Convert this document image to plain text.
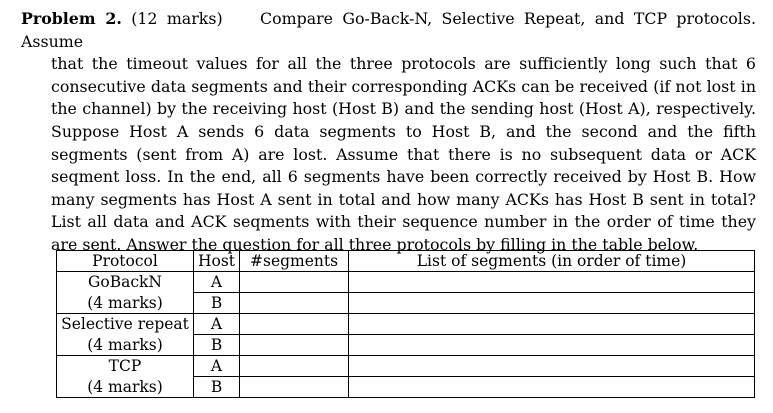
Problem 2. (12 marks) Compare Go-Back-N, Selective Repeat, and TCP protocols. Assume

that the timeout values for all the three protocols are sufficiently long such that 6 consecutive data segments and their corresponding ACKs can be received (if not lost in the channel) by the receiving host (Host B) and the sending host (Host A), respectively. Suppose Host A sends 6 data segments to Host B, and the second and the fifth segments (sent from A) are lost. Assume that there is no subsequent data or ACK seqment loss. In the end, all 6 segments have been correctly received by Host B. How many segments has Host A sent in total and how many ACKs has Host B sent in total? List all data and ACK seqments with their sequence number in the order of time they are sent. Answer the question for all three protocols by filling in the table below.

Protocol	Host	#segments	List of segments (in order of time)
GoBackN	A		
(4 marks)	B		
Selective repeat	A		
(4 marks)	B		
TCP	A		
(4 marks)	B		
